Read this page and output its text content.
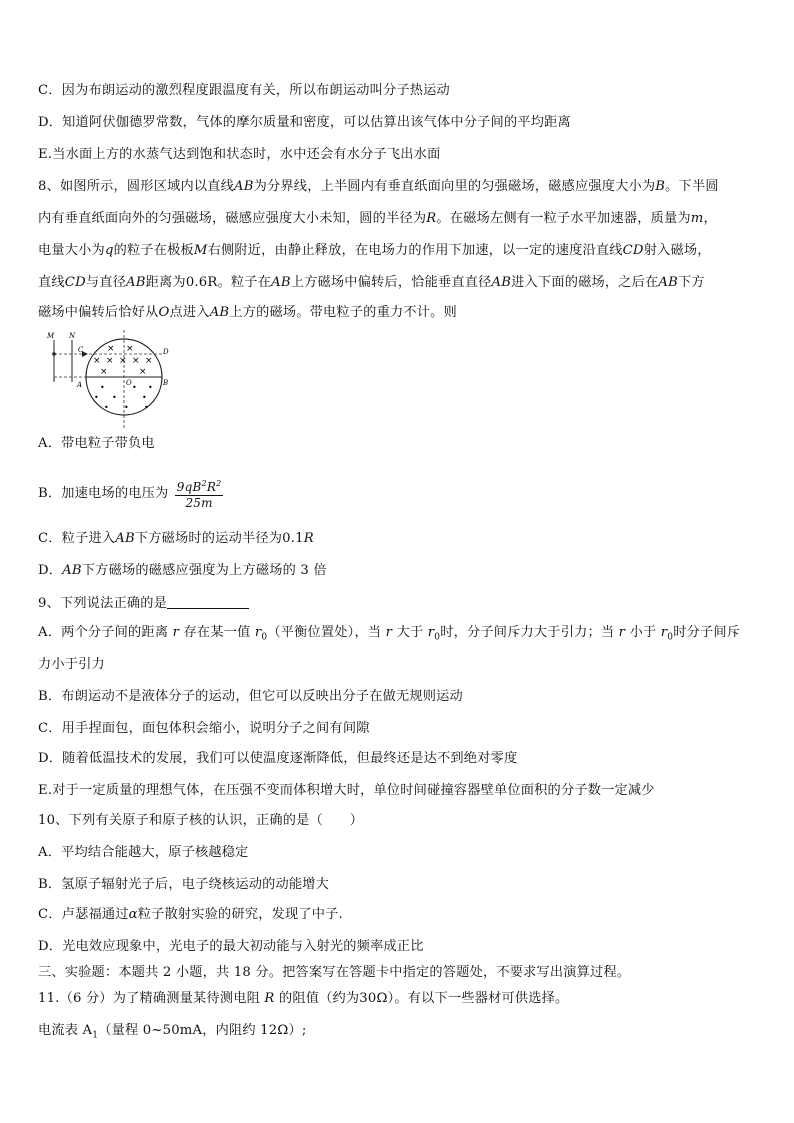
C．因为布朗运动的激烈程度跟温度有关，所以布朗运动叫分子热运动
D．知道阿伏伽德罗常数，气体的摩尔质量和密度，可以估算出该气体中分子间的平均距离
E.当水面上方的水蒸气达到饱和状态时，水中还会有水分子飞出水面
8、如图所示，圆形区域内以直线AB为分界线，上半圆内有垂直纸面向里的匀强磁场，磁感应强度大小为B。下半圆
内有垂直纸面向外的匀强磁场，磁感应强度大小未知，圆的半径为R。在磁场左侧有一粒子水平加速器，质量为m，
电量大小为q的粒子在极板M右侧附近，由静止释放，在电场力的作用下加速，以一定的速度沿直线CD射入磁场，
直线CD与直径AB距离为0.6R。粒子在AB上方磁场中偏转后，恰能垂直直径AB进入下面的磁场，之后在AB下方
磁场中偏转后恰好从O点进入AB上方的磁场。带电粒子的重力不计。则
M N
C	D
A	B
O
× ×
× × × × ×
×	×
•	• •
• •	•
• • •
A．带电粒子带负电
B．加速电场的电压为 $\frac{9qB^2R^2}{25m}$
C．粒子进入AB下方磁场时的运动半径为0.1R
D．AB下方磁场的磁感应强度为上方磁场的 3 倍
9、下列说法正确的是
A．两个分子间的距离 r 存在某一值 $r_0$（平衡位置处），当 r 大于 $r_0$时，分子间斥力大于引力；当 r 小于 $r_0$时分子间斥
力小于引力
B．布朗运动不是液体分子的运动，但它可以反映出分子在做无规则运动
C．用手捏面包，面包体积会缩小，说明分子之间有间隙
D．随着低温技术的发展，我们可以使温度逐渐降低，但最终还是达不到绝对零度
E.对于一定质量的理想气体，在压强不变而体积增大时，单位时间碰撞容器壁单位面积的分子数一定减少
10、下列有关原子和原子核的认识，正确的是（　　）
A．平均结合能越大，原子核越稳定
B．氢原子辐射光子后，电子绕核运动的动能增大
C．卢瑟福通过α粒子散射实验的研究，发现了中子.
D．光电效应现象中，光电子的最大初动能与入射光的频率成正比
三、实验题：本题共 2 小题，共 18 分。把答案写在答题卡中指定的答题处，不要求写出演算过程。
11.（6 分）为了精确测量某待测电阻 R 的阻值（约为30Ω）。有以下一些器材可供选择。
电流表 $A_1$（量程 0~50mA，内阻约 12Ω）;
